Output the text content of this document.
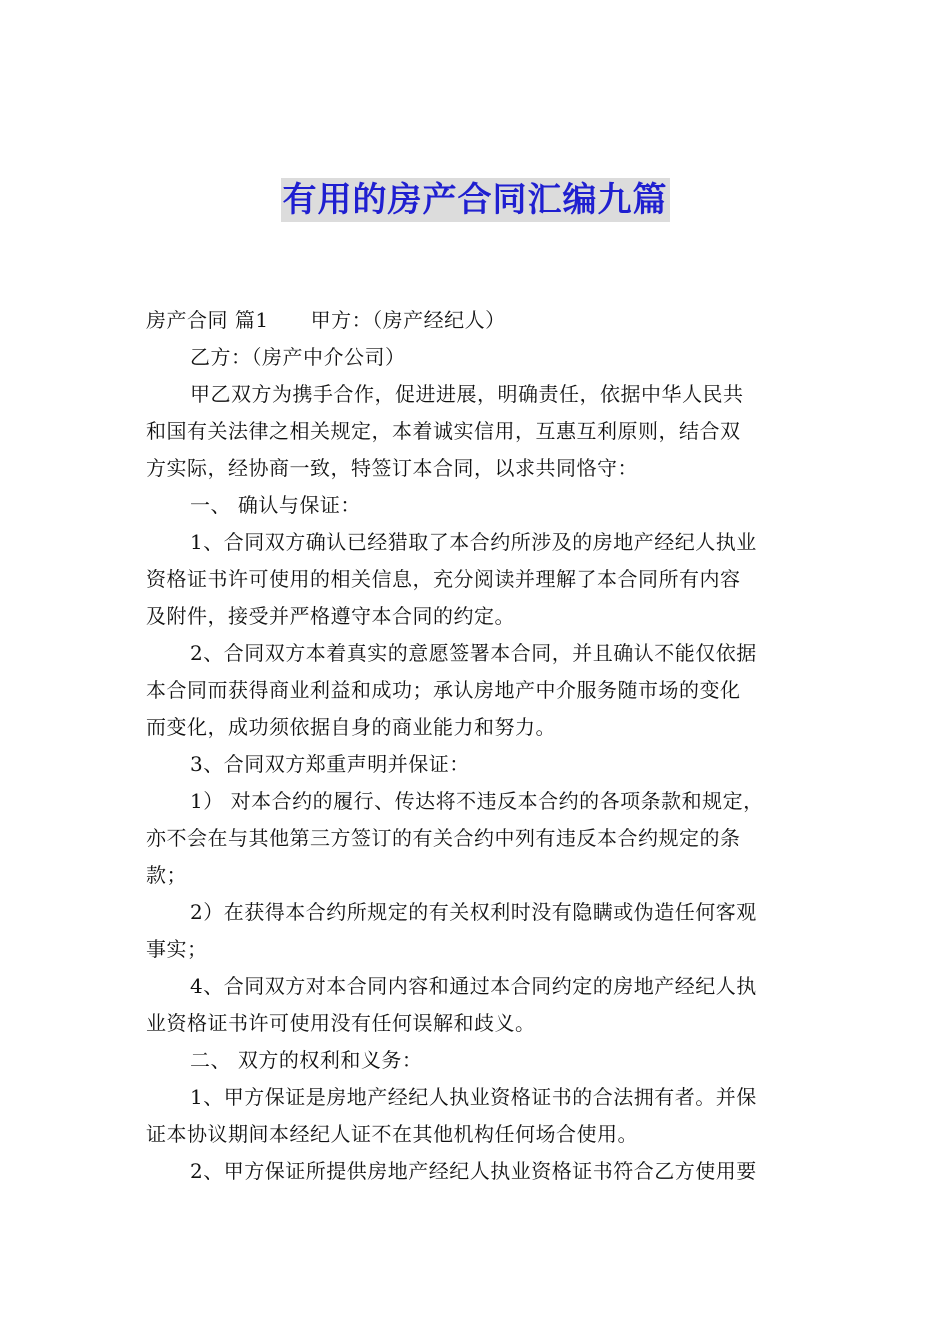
有用的房产合同汇编九篇
房产合同 篇1 甲方：（房产经纪人）
乙方：（房产中介公司）
甲乙双方为携手合作，促进进展，明确责任，依据中华人民共
和国有关法律之相关规定，本着诚实信用，互惠互利原则，结合双
方实际，经协商一致，特签订本合同，以求共同恪守：
一、 确认与保证：
1、合同双方确认已经猎取了本合约所涉及的房地产经纪人执业
资格证书许可使用的相关信息，充分阅读并理解了本合同所有内容
及附件，接受并严格遵守本合同的约定。
2、合同双方本着真实的意愿签署本合同，并且确认不能仅依据
本合同而获得商业利益和成功；承认房地产中介服务随市场的变化
而变化，成功须依据自身的商业能力和努力。
3、合同双方郑重声明并保证：
1） 对本合约的履行、传达将不违反本合约的各项条款和规定，
亦不会在与其他第三方签订的有关合约中列有违反本合约规定的条
款；
2）在获得本合约所规定的有关权利时没有隐瞒或伪造任何客观
事实；
4、合同双方对本合同内容和通过本合同约定的房地产经纪人执
业资格证书许可使用没有任何误解和歧义。
二、 双方的权利和义务：
1、甲方保证是房地产经纪人执业资格证书的合法拥有者。并保
证本协议期间本经纪人证不在其他机构任何场合使用。
2、甲方保证所提供房地产经纪人执业资格证书符合乙方使用要
